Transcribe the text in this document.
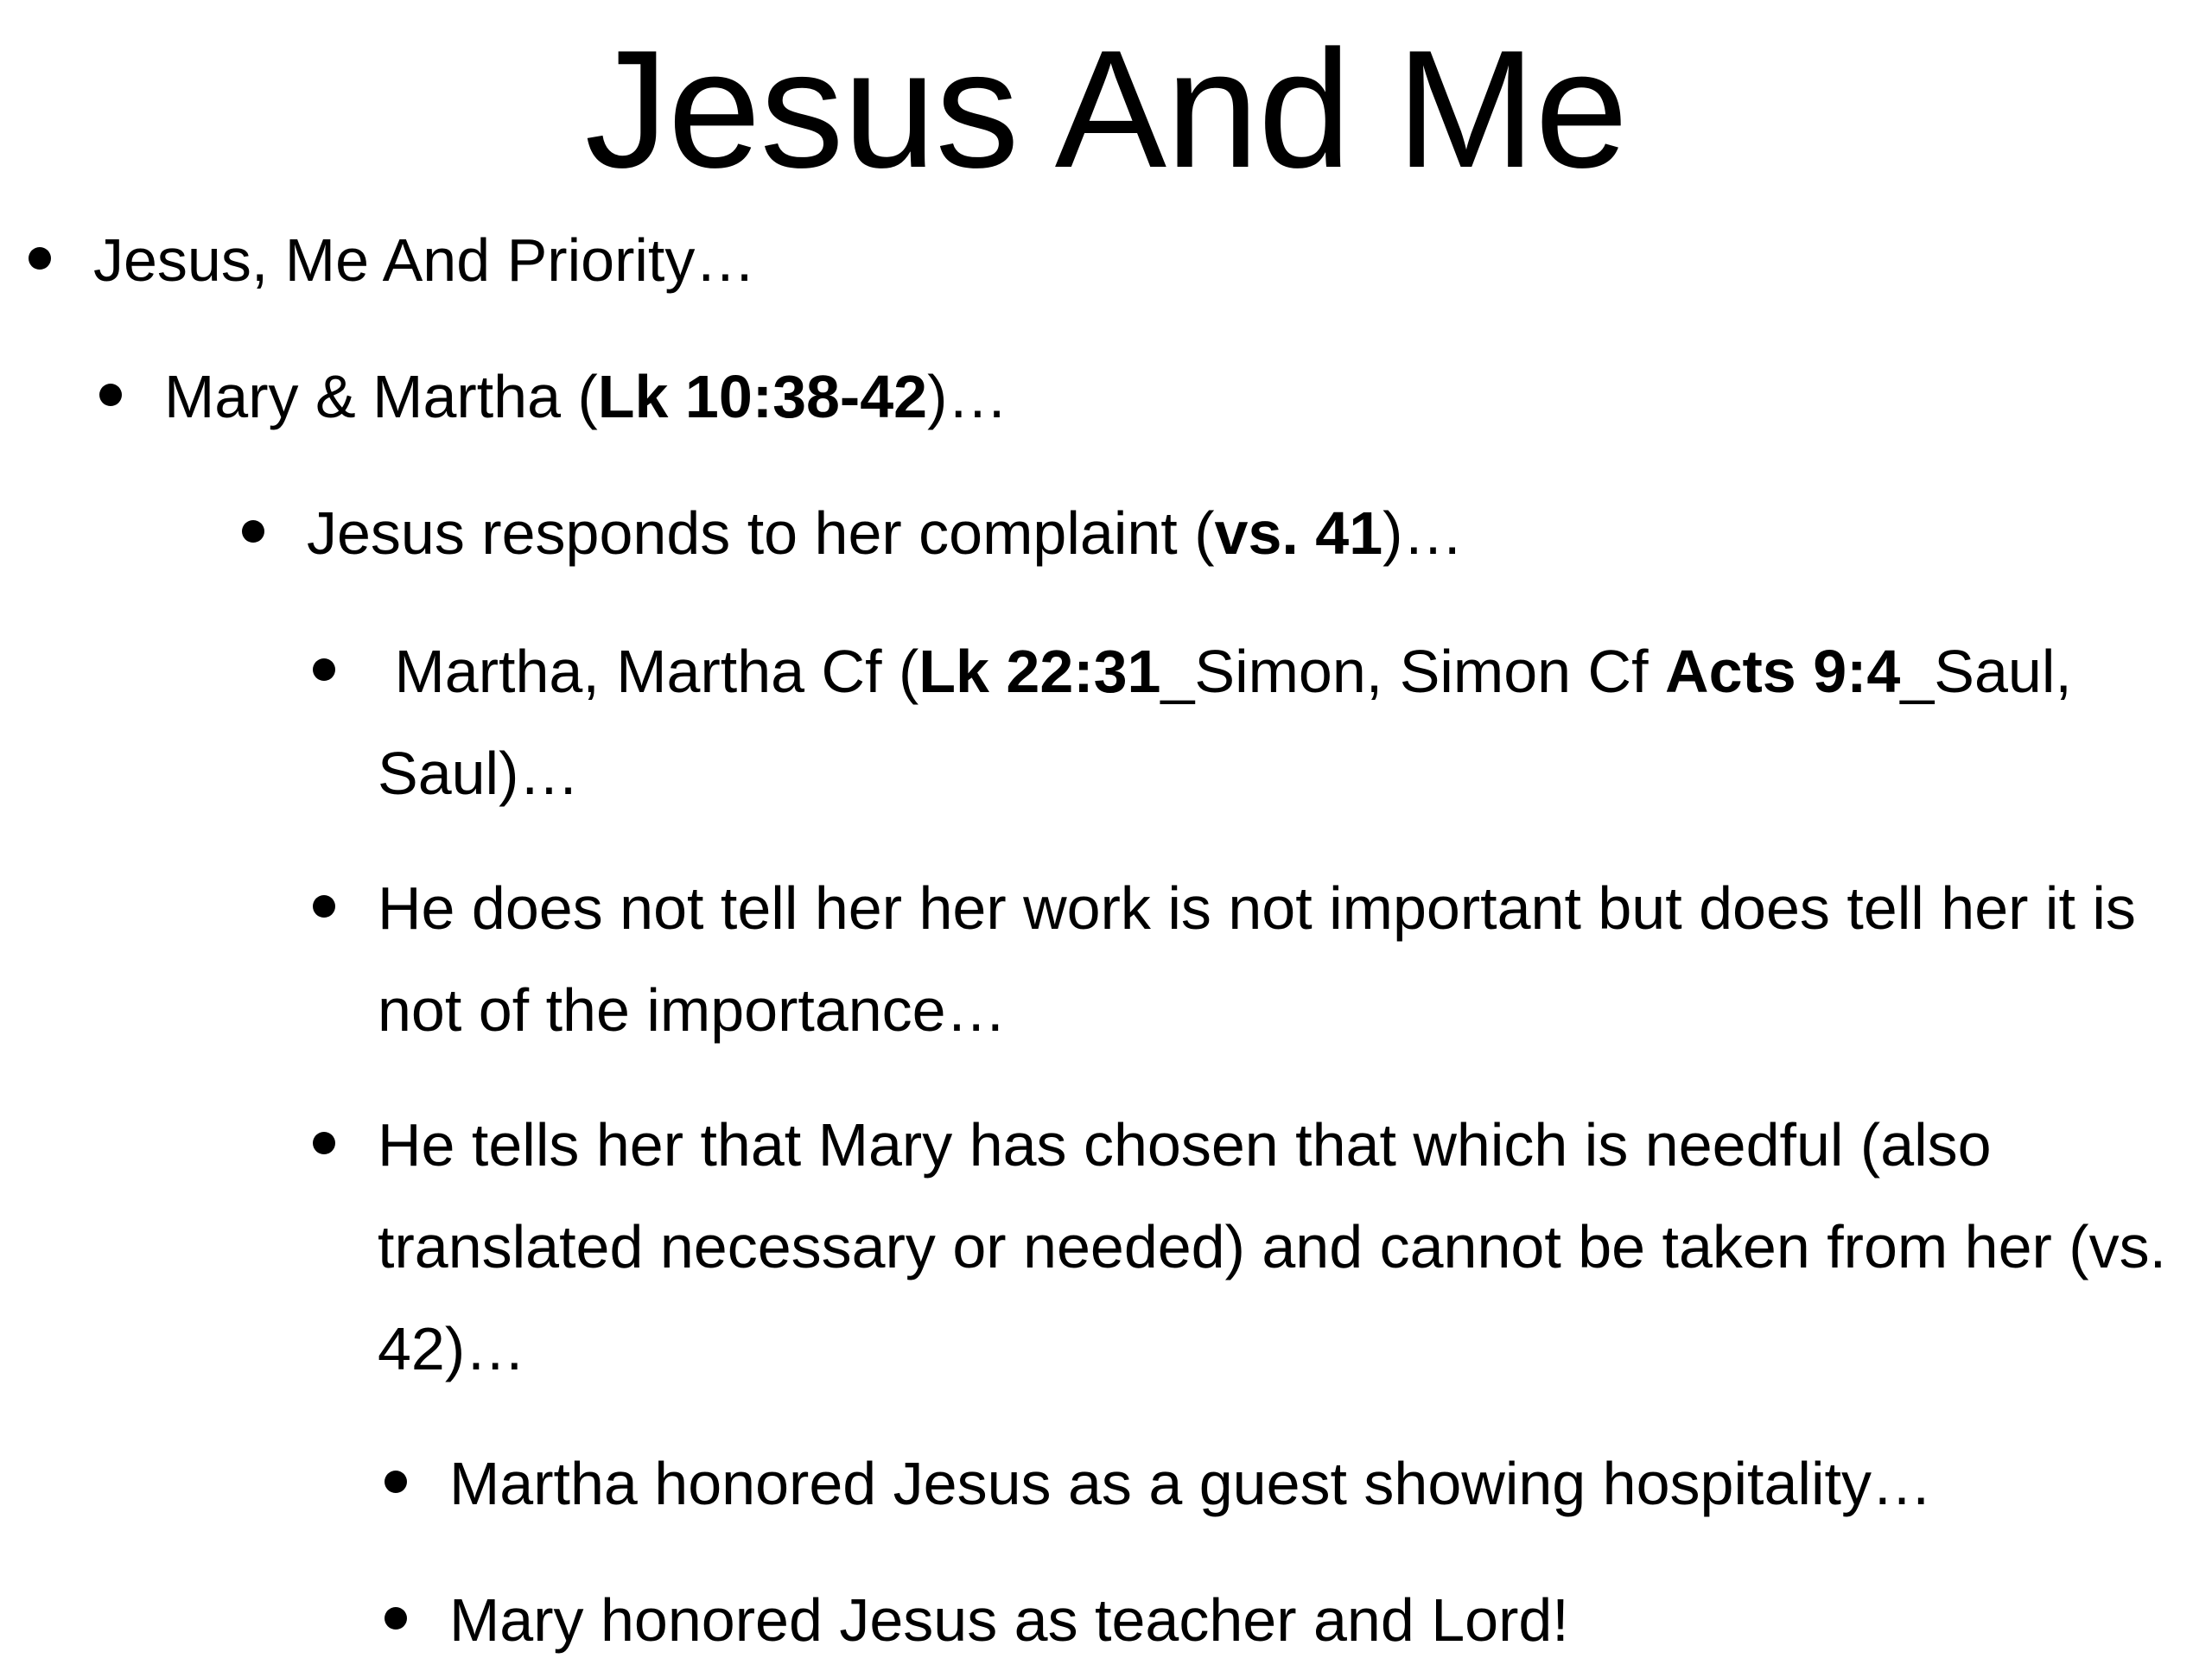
Jesus And Me
Jesus, Me And Priority…
Mary & Martha (Lk 10:38-42)…
Jesus responds to her complaint (vs. 41)…
Martha, Martha Cf (Lk 22:31_Simon, Simon Cf Acts 9:4_Saul, Saul)…
He does not tell her her work is not important but does tell her it is not of the importance…
He tells her that Mary has chosen that which is needful (also translated necessary or needed) and cannot be taken from her (vs. 42)…
Martha honored Jesus as a guest showing hospitality…
Mary honored Jesus as teacher and Lord!
